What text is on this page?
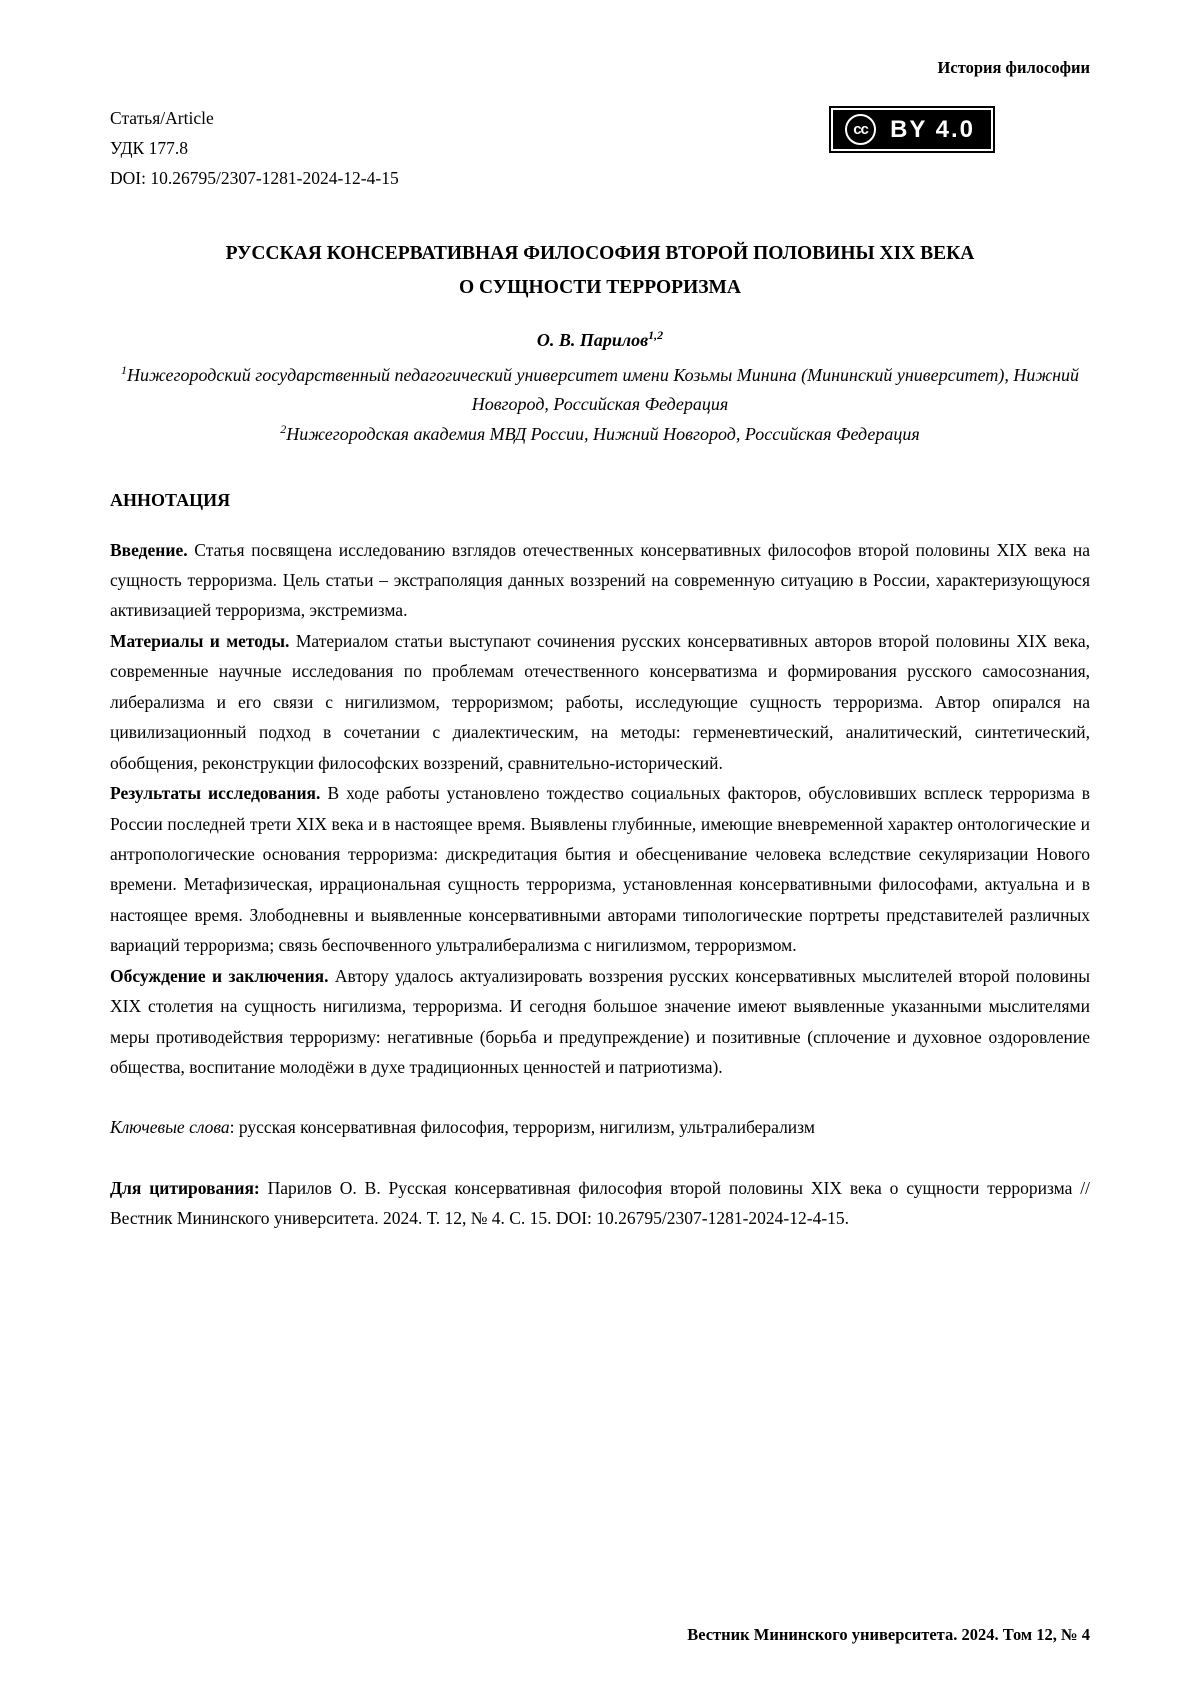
История философии
Статья/Article
УДК 177.8
DOI: 10.26795/2307-1281-2024-12-4-15
cc BY 4.0
РУССКАЯ КОНСЕРВАТИВНАЯ ФИЛОСОФИЯ ВТОРОЙ ПОЛОВИНЫ XIX ВЕКА
О СУЩНОСТИ ТЕРРОРИЗМА
О. В. Парилов$^{1,2}$
$^1$Нижегородский государственный педагогический университет имени Козьмы Минина (Мининский университет), Нижний Новгород, Российская Федерация
$^2$Нижегородская академия МВД России, Нижний Новгород, Российская Федерация
АННОТАЦИЯ

Введение. Статья посвящена исследованию взглядов отечественных консервативных философов второй половины XIX века на сущность терроризма. Цель статьи – экстраполяция данных воззрений на современную ситуацию в России, характеризующуюся активизацией терроризма, экстремизма.

Материалы и методы. Материалом статьи выступают сочинения русских консервативных авторов второй половины XIX века, современные научные исследования по проблемам отечественного консерватизма и формирования русского самосознания, либерализма и его связи с нигилизмом, терроризмом; работы, исследующие сущность терроризма. Автор опирался на цивилизационный подход в сочетании с диалектическим, на методы: герменевтический, аналитический, синтетический, обобщения, реконструкции философских воззрений, сравнительно-исторический.

Результаты исследования. В ходе работы установлено тождество социальных факторов, обусловивших всплеск терроризма в России последней трети XIX века и в настоящее время. Выявлены глубинные, имеющие вневременной характер онтологические и антропологические основания терроризма: дискредитация бытия и обесценивание человека вследствие секуляризации Нового времени. Метафизическая, иррациональная сущность терроризма, установленная консервативными философами, актуальна и в настоящее время. Злободневны и выявленные консервативными авторами типологические портреты представителей различных вариаций терроризма; связь беспочвенного ультралиберализма с нигилизмом, терроризмом.

Обсуждение и заключения. Автору удалось актуализировать воззрения русских консервативных мыслителей второй половины XIX столетия на сущность нигилизма, терроризма. И сегодня большое значение имеют выявленные указанными мыслителями меры противодействия терроризму: негативные (борьба и предупреждение) и позитивные (сплочение и духовное оздоровление общества, воспитание молодёжи в духе традиционных ценностей и патриотизма).

Ключевые слова: русская консервативная философия, терроризм, нигилизм, ультралиберализм

Для цитирования: Парилов О. В. Русская консервативная философия второй половины XIX века о сущности терроризма // Вестник Мининского университета. 2024. Т. 12, № 4. С. 15. DOI: 10.26795/2307-1281-2024-12-4-15.

Вестник Мининского университета. 2024. Том 12, № 4
